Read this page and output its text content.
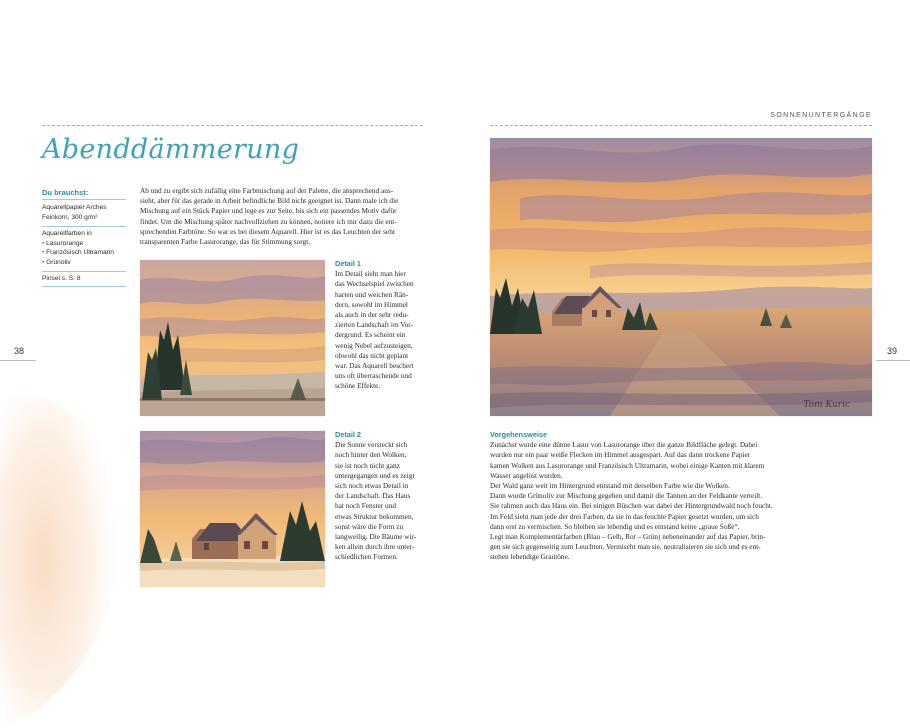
Abenddämmerung
Du brauchst:
Aquarellpapier Arches
Feinkorn, 300 g/m²
Aquarellfarben in
• Lasurorange
• Französisch Ultramarin
• Grünoliv
Pinsel s. S. 8
Ab und zu ergibt sich zufällig eine Farbmischung auf der Palette, die ansprechend aus-
sieht, aber für das gerade in Arbeit befindliche Bild nicht geeignet ist. Dann male ich die
Mischung auf ein Stück Papier und lege es zur Seite, bis sich ein passendes Motiv dafür
findet. Um die Mischung später nachvollziehen zu können, notiere ich mir dazu die ent-
sprechenden Farbtöne. So war es bei diesem Aquarell. Hier ist es das Leuchten der sehr
transparenten Farbe Lasurorange, das für Stimmung sorgt.
Detail 1
Im Detail sieht man hier
das Wechselspiel zwischen
harten und weichen Rän-
dern, sowohl im Himmel
als auch in der sehr redu-
zierten Landschaft im Vor-
dergrund. Es scheint ein
wenig Nebel aufzusteigen,
obwohl das nicht geplant
war. Das Aquarell beschert
uns oft überraschende und
schöne Effekte.
Detail 2
Die Sonne versteckt sich
noch hinter den Wolken,
sie ist noch nicht ganz
untergegangen und es zeigt
sich noch etwas Detail in
der Landschaft. Das Haus
hat noch Fenster und
etwas Struktur bekommen,
sonst wäre die Form zu
langweilig. Die Bäume wir-
ken allein durch ihre unter-
schiedlichen Formen.
38	39
SONNENUNTERGÄNGE
Tom Kuric
Vorgehensweise
Zunächst wurde eine dünne Lasur von Lasurorange über die ganze Bildfläche gelegt. Dabei
wurden nur ein paar weiße Flecken im Himmel ausgespart. Auf das dann trockene Papier
kamen Wolken aus Lasurorange und Französisch Ultramarin, wobei einige Kanten mit klarem
Wasser angelöst wurden.
Der Wald ganz weit im Hintergrund entstand mit derselben Farbe wie die Wolken.
Dann wurde Grünoliv zur Mischung gegeben und damit die Tannen an der Feldkante verteilt.
Sie rahmen auch das Haus ein. Bei einigen Büschen war dabei der Hintergrundwald noch feucht.
Im Feld sieht man jede der drei Farben, da sie in das feuchte Papier gesetzt wurden, um sich
dann erst zu vermischen. So bleiben sie lebendig und es entstand keine „graue Soße“.
Legt man Komplementärfarben (Blau – Gelb, Rot – Grün) nebeneinander auf das Papier, brin-
gen sie sich gegenseitig zum Leuchten. Vermischt man sie, neutralisieren sie sich und es ent-
stehen lebendige Grautöne.
